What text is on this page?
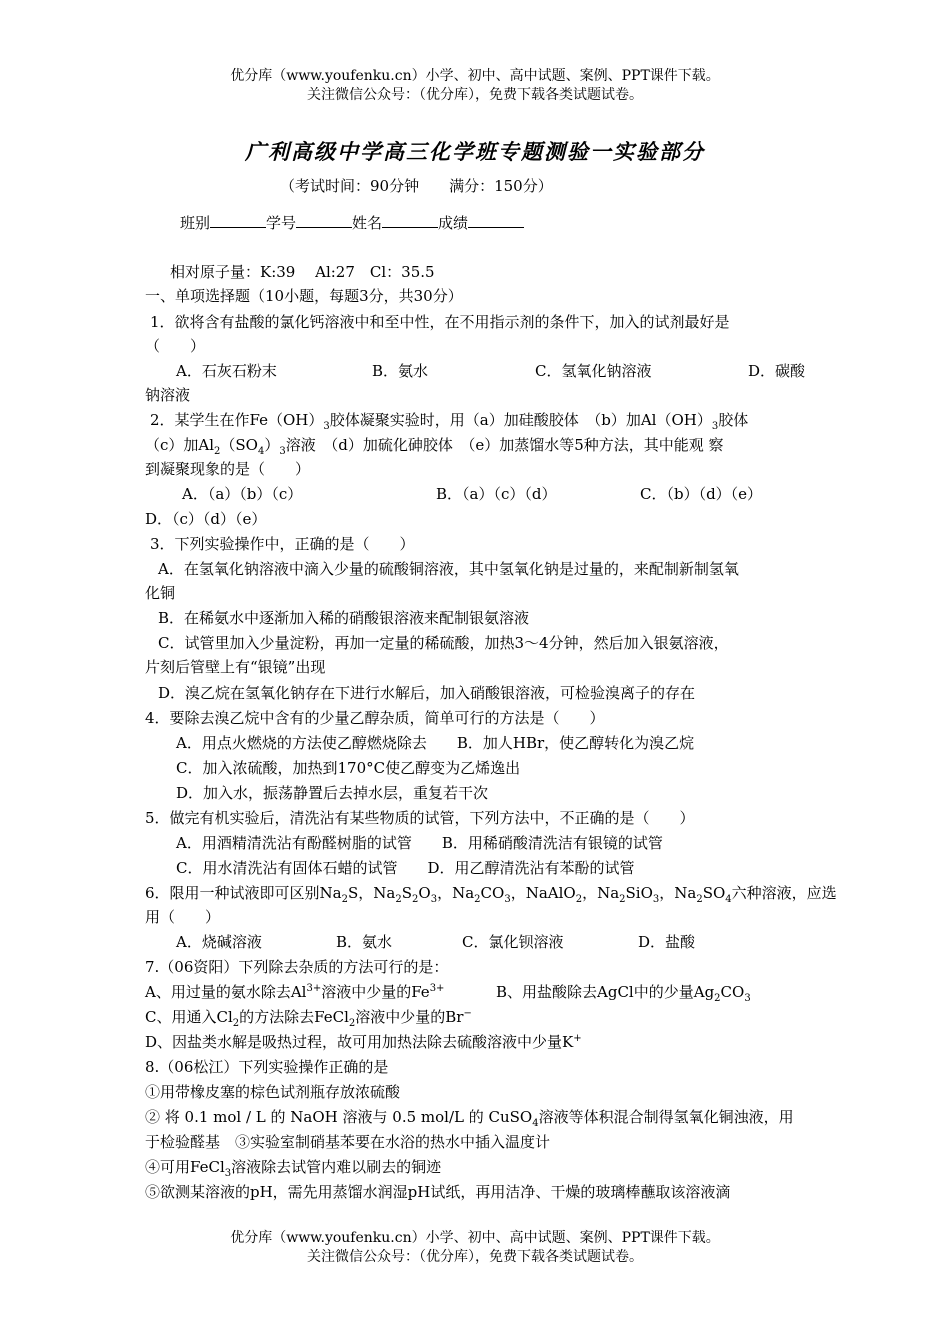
优分库（www.youfenku.cn）小学、初中、高中试题、案例、PPT课件下载。
关注微信公众号：（优分库），免费下载各类试题试卷。
广利高级中学高三化学班专题测验一实验部分
（考试时间：90分钟　　满分：150分）
班别	学号	姓名	成绩
相对原子量：K:39　 Al:27　Cl：35.5
一、单项选择题（10小题，每题3分，共30分）
1．欲将含有盐酸的氯化钙溶液中和至中性，在不用指示剂的条件下，加入的试剂最好是
（　　）
A．石灰石粉末	B．氨水	C．氢氧化钠溶液	D．碳酸
钠溶液
2．某学生在作$Fe(OH)_3$胶体凝聚实验时，用（a）加硅酸胶体　（b）加$Al(OH)_3$胶体
（c）加$Al_2(SO_4)_3$溶液　（d）加硫化砷胶体　（e）加蒸馏水等5种方法，其中能观 察
到凝聚现象的是（　　）
A．（a）（b）（c）	B．（a）（c）（d）	C．（b）（d）（e）
D．（c）（d）（e）
3．下列实验操作中，正确的是（　　）
A．在氢氧化钠溶液中滴入少量的硫酸铜溶液，其中氢氧化钠是过量的，来配制新制氢氧
化铜
B．在稀氨水中逐渐加入稀的硝酸银溶液来配制银氨溶液
C．试管里加入少量淀粉，再加一定量的稀硫酸，加热3～4分钟，然后加入银氨溶液，
片刻后管壁上有“银镜”出现
D．溴乙烷在氢氧化钠存在下进行水解后，加入硝酸银溶液，可检验溴离子的存在
4．要除去溴乙烷中含有的少量乙醇杂质，简单可行的方法是（　　）
A．用点火燃烧的方法使乙醇燃烧除去　　B．加人HBr，使乙醇转化为溴乙烷
C．加入浓硫酸，加热到170°C使乙醇变为乙烯逸出
D．加入水，振荡静置后去掉水层，重复若干次
5．做完有机实验后，清洗沾有某些物质的试管，下列方法中，不正确的是（　　）
A．用酒精清洗沾有酚醛树脂的试管　　B．用稀硝酸清洗洁有银镜的试管
C．用水清洗沾有固体石蜡的试管　　D．用乙醇清洗沾有苯酚的试管
6．限用一种试液即可区别$Na_2S$，$Na_2S_2O_3$，$Na_2CO_3$，NaAlO$_2$，$Na_2SiO_3$，$Na_2SO_4$六种溶液，应选
用（　　）
A．烧碱溶液	B．氨水	C．氯化钡溶液	D．盐酸
7.（06资阳）下列除去杂质的方法可行的是：
A、用过量的氨水除去$Al^{3+}$溶液中少量的$Fe^{3+}$	B、用盐酸除去AgCl中的少量$Ag_2CO_3$
C、用通入$Cl_2$的方法除去FeCl$_2$溶液中少量的Br−
D、因盐类水解是吸热过程，故可用加热法除去硫酸溶液中少量K+
8.（06松江）下列实验操作正确的是
①用带橡皮塞的棕色试剂瓶存放浓硫酸
② 将 0.1 mol / L 的 NaOH 溶液与 0.5 mol/L 的 CuSO$_4$溶液等体积混合制得氢氧化铜浊液，用
于检验醛基　③实验室制硝基苯要在水浴的热水中插入温度计
④可用FeCl$_3$溶液除去试管内难以刷去的铜迹
⑤欲测某溶液的pH，需先用蒸馏水润湿pH试纸，再用洁净、干燥的玻璃棒蘸取该溶液滴
优分库（www.youfenku.cn）小学、初中、高中试题、案例、PPT课件下载。
关注微信公众号：（优分库），免费下载各类试题试卷。
